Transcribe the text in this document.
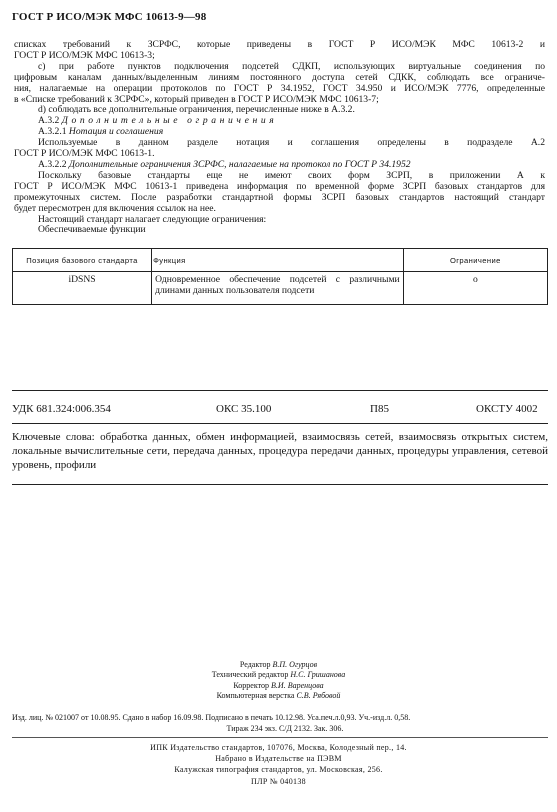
ГОСТ Р ИСО/МЭК МФС 10613-9—98

списках требований к ЗСРФС, которые приведены в ГОСТ Р ИСО/МЭК МФС 10613-2 и

ГОСТ Р ИСО/МЭК МФС 10613-3;

c) при работе пунктов подключения подсетей СДКП, использующих виртуальные соединения по

цифровым каналам данных/выделенным линиям постоянного доступа сетей СДКК, соблюдать все ограниче-

ния, налагаемые на операции протоколов по ГОСТ Р 34.1952, ГОСТ 34.950 и ИСО/МЭК 7776, определенные

в «Списке требований к ЗСРФС», который приведен в ГОСТ Р ИСО/МЭК МФС 10613-7;

d) соблюдать все дополнительные ограничения, перечисленные ниже в А.3.2.

А.3.2 Дополнительные ограничения

А.3.2.1 Нотация и соглашения

Используемые в данном разделе нотация и соглашения определены в подразделе А.2

ГОСТ Р ИСО/МЭК МФС 10613-1.

А.3.2.2 Дополнительные ограничения ЗСРФС, налагаемые на протокол по ГОСТ Р 34.1952

Поскольку базовые стандарты еще не имеют своих форм ЗСРП, в приложении А к

ГОСТ Р ИСО/МЭК МФС 10613-1 приведена информация по временной форме ЗСРП базовых стандартов для

промежуточных систем. После разработки стандартной формы ЗСРП базовых стандартов настоящий стандарт

будет пересмотрен для включения ссылок на нее.

Настоящий стандарт налагает следующие ограничения:

Обеспечиваемые функции

Позиция базового стандарта	Функция	Ограничение
iDSNS	Одновременное обеспечение подсетей с различными длинами данных пользователя подсети	о
УДК 681.324:006.354	ОКС 35.100	П85	ОКСТУ 4002
Ключевые слова: обработка данных, обмен информацией, взаимосвязь сетей, взаимосвязь открытых систем, локальные вычислительные сети, передача данных, процедура передачи данных, процедуры управления, сетевой уровень, профили
Редактор В.П. Огурцов
Технический редактор Н.С. Гришанова
Корректор В.И. Варенцова
Компьютерная верстка С.В. Рябовой

Изд. лиц. № 021007 от 10.08.95. Сдано в набор 16.09.98. Подписано в печать 10.12.98. Уса.печ.л.0,93. Уч.-изд.л. 0,58.

Тираж 234 экз. С/Д 2132. Зак. 306.

ИПК Издательство стандартов, 107076, Москва, Колодезный пер., 14.
Набрано в Издательстве на ПЭВМ
Калужская типография стандартов, ул. Московская, 256.
ПЛР № 040138
